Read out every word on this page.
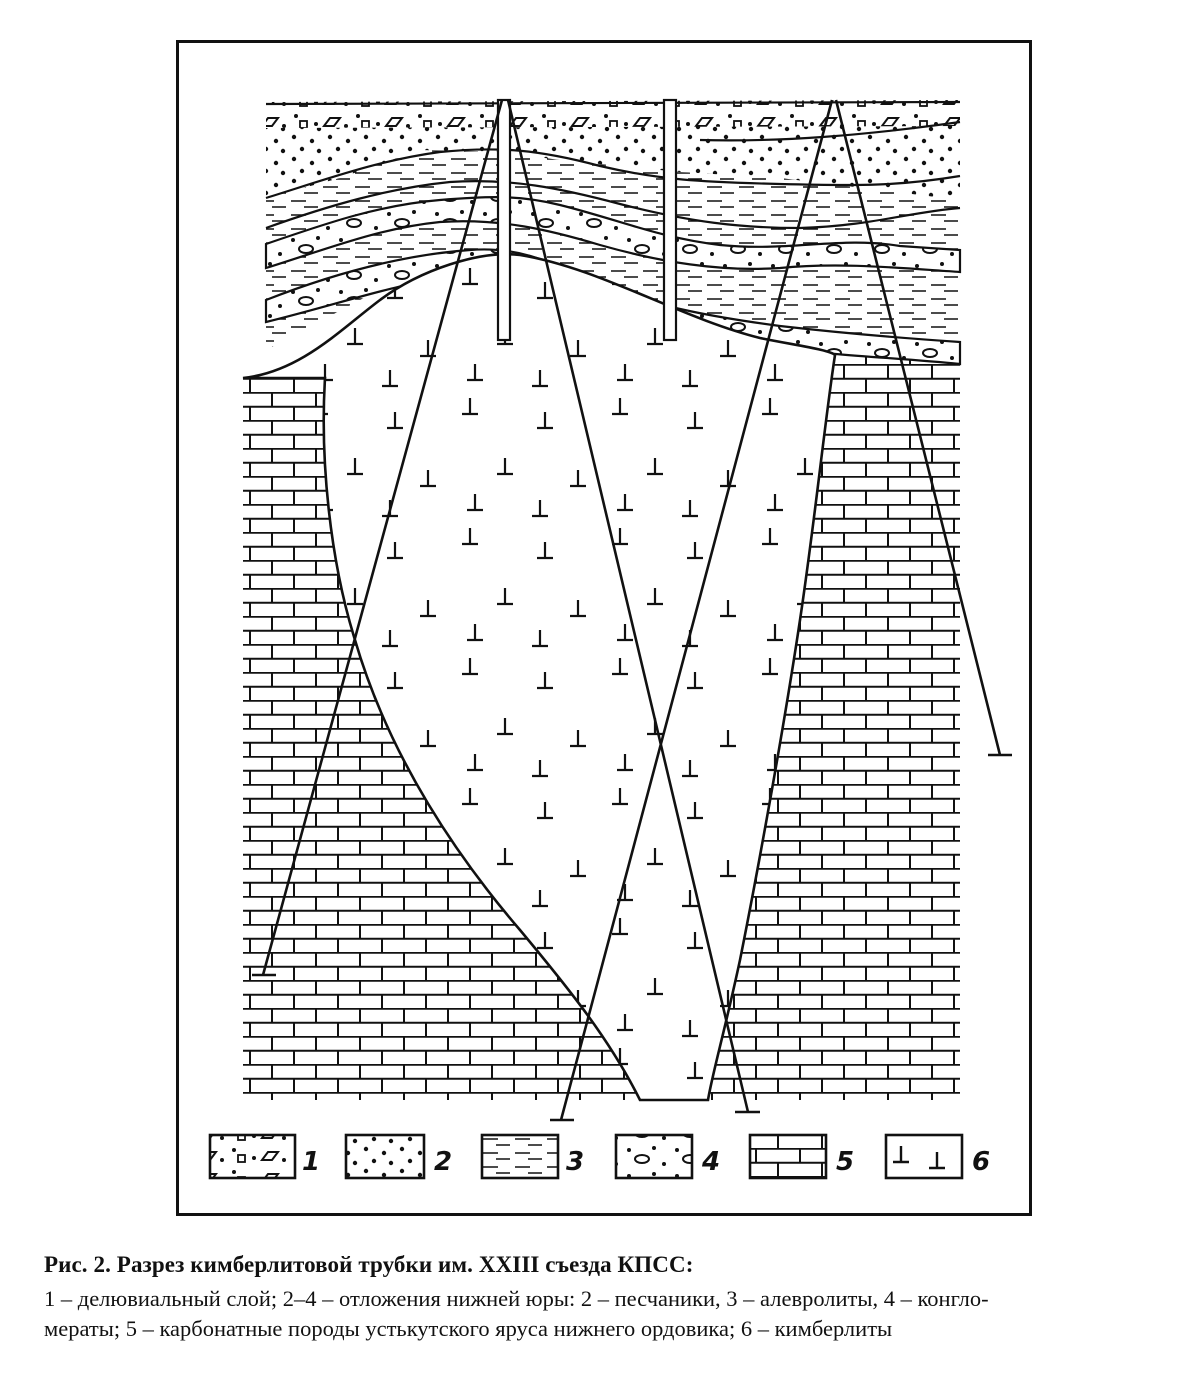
1	2	3	4	5	6

Рис. 2. Разрез кимберлитовой трубки им. XXIII съезда КПСС:

1 – делювиальный слой; 2–4 – отложения нижней юры: 2 – песчаники, 3 – алевролиты, 4 – конгло-

мераты; 5 – карбонатные породы устькутского яруса нижнего ордовика; 6 – кимберлиты
